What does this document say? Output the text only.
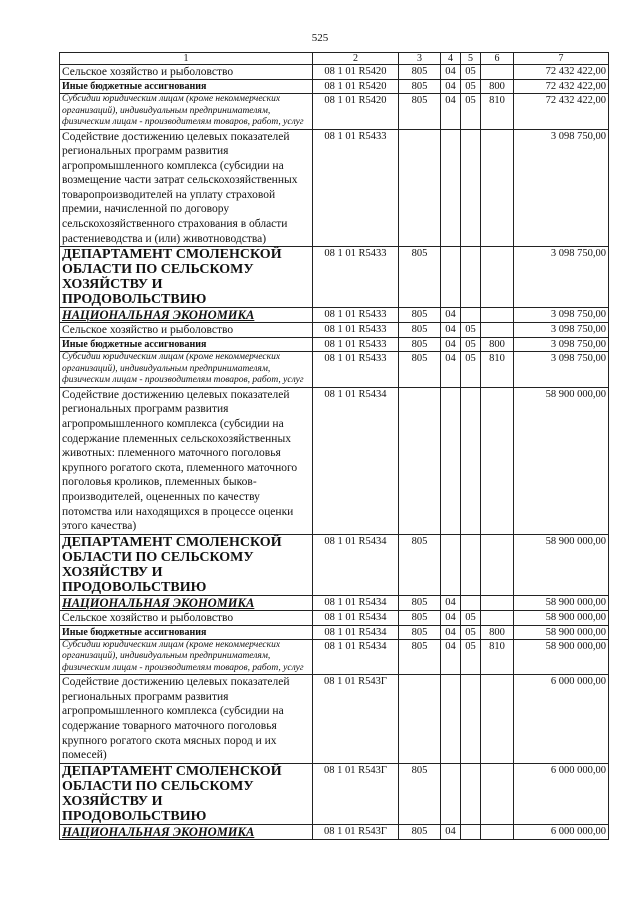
525
1	2	3	4	5	6	7
Сельское хозяйство и рыболовство	08 1 01 R5420	805	04	05		72 432 422,00
Иные бюджетные ассигнования	08 1 01 R5420	805	04	05	800	72 432 422,00
Субсидии юридическим лицам (кроме некоммерческих организаций), индивидуальным предпринимателям, физическим лицам - производителям товаров, работ, услуг	08 1 01 R5420	805	04	05	810	72 432 422,00
Содействие достижению целевых показателей региональных программ развития агропромышленного комплекса (субсидии на возмещение части затрат сельскохозяйственных товаропроизводителей на уплату страховой премии, начисленной по договору сельскохозяйственного страхования в области растениеводства и (или) животноводства)	08 1 01 R5433					3 098 750,00
ДЕПАРТАМЕНТ СМОЛЕНСКОЙ ОБЛАСТИ ПО СЕЛЬСКОМУ ХОЗЯЙСТВУ И ПРОДОВОЛЬСТВИЮ	08 1 01 R5433	805				3 098 750,00
НАЦИОНАЛЬНАЯ ЭКОНОМИКА	08 1 01 R5433	805	04			3 098 750,00
Сельское хозяйство и рыболовство	08 1 01 R5433	805	04	05		3 098 750,00
Иные бюджетные ассигнования	08 1 01 R5433	805	04	05	800	3 098 750,00
Субсидии юридическим лицам (кроме некоммерческих организаций), индивидуальным предпринимателям, физическим лицам - производителям товаров, работ, услуг	08 1 01 R5433	805	04	05	810	3 098 750,00
Содействие достижению целевых показателей региональных программ развития агропромышленного комплекса (субсидии на содержание племенных сельскохозяйственных животных: племенного маточного поголовья крупного рогатого скота, племенного маточного поголовья кроликов, племенных быков-производителей, оцененных по качеству потомства или находящихся в процессе оценки этого качества)	08 1 01 R5434					58 900 000,00
ДЕПАРТАМЕНТ СМОЛЕНСКОЙ ОБЛАСТИ ПО СЕЛЬСКОМУ ХОЗЯЙСТВУ И ПРОДОВОЛЬСТВИЮ	08 1 01 R5434	805				58 900 000,00
НАЦИОНАЛЬНАЯ ЭКОНОМИКА	08 1 01 R5434	805	04			58 900 000,00
Сельское хозяйство и рыболовство	08 1 01 R5434	805	04	05		58 900 000,00
Иные бюджетные ассигнования	08 1 01 R5434	805	04	05	800	58 900 000,00
Субсидии юридическим лицам (кроме некоммерческих организаций), индивидуальным предпринимателям, физическим лицам - производителям товаров, работ, услуг	08 1 01 R5434	805	04	05	810	58 900 000,00
Содействие достижению целевых показателей региональных программ развития агропромышленного комплекса (субсидии на содержание товарного маточного поголовья крупного рогатого скота мясных пород и их помесей)	08 1 01 R543Г					6 000 000,00
ДЕПАРТАМЕНТ СМОЛЕНСКОЙ ОБЛАСТИ ПО СЕЛЬСКОМУ ХОЗЯЙСТВУ И ПРОДОВОЛЬСТВИЮ	08 1 01 R543Г	805				6 000 000,00
НАЦИОНАЛЬНАЯ ЭКОНОМИКА	08 1 01 R543Г	805	04			6 000 000,00
